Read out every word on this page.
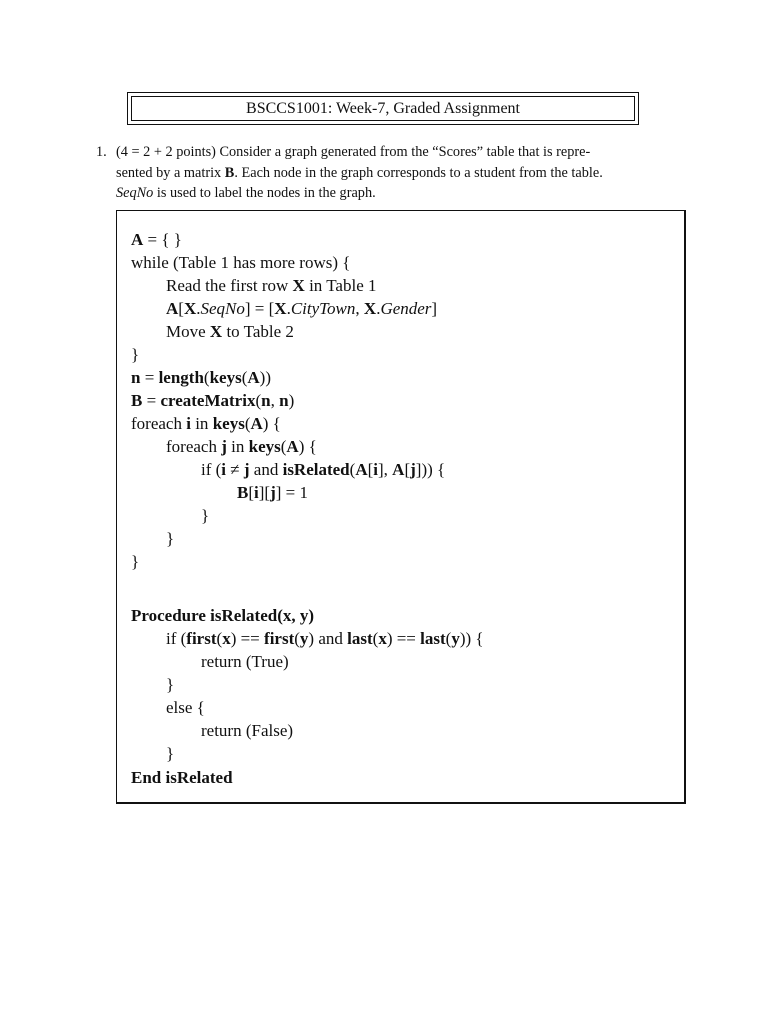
BSCCS1001: Week-7, Graded Assignment
1. (4 = 2 + 2 points) Consider a graph generated from the “Scores” table that is repre-

sented by a matrix B. Each node in the graph corresponds to a student from the table.

SeqNo is used to label the nodes in the graph.

A = { }
while (Table 1 has more rows) {
Read the first row X in Table 1
A[X.SeqNo] = [X.CityTown, X.Gender]
Move X to Table 2
}
n = length(keys(A))
B = createMatrix(n, n)
foreach i in keys(A) {
foreach j in keys(A) {
if (i ≠ j and isRelated(A[i], A[j])) {
B[i][j] = 1
}
}
}
Procedure isRelated(x, y)
if (first(x) == first(y) and last(x) == last(y)) {
return (True)
}
else {
return (False)
}
End isRelated
